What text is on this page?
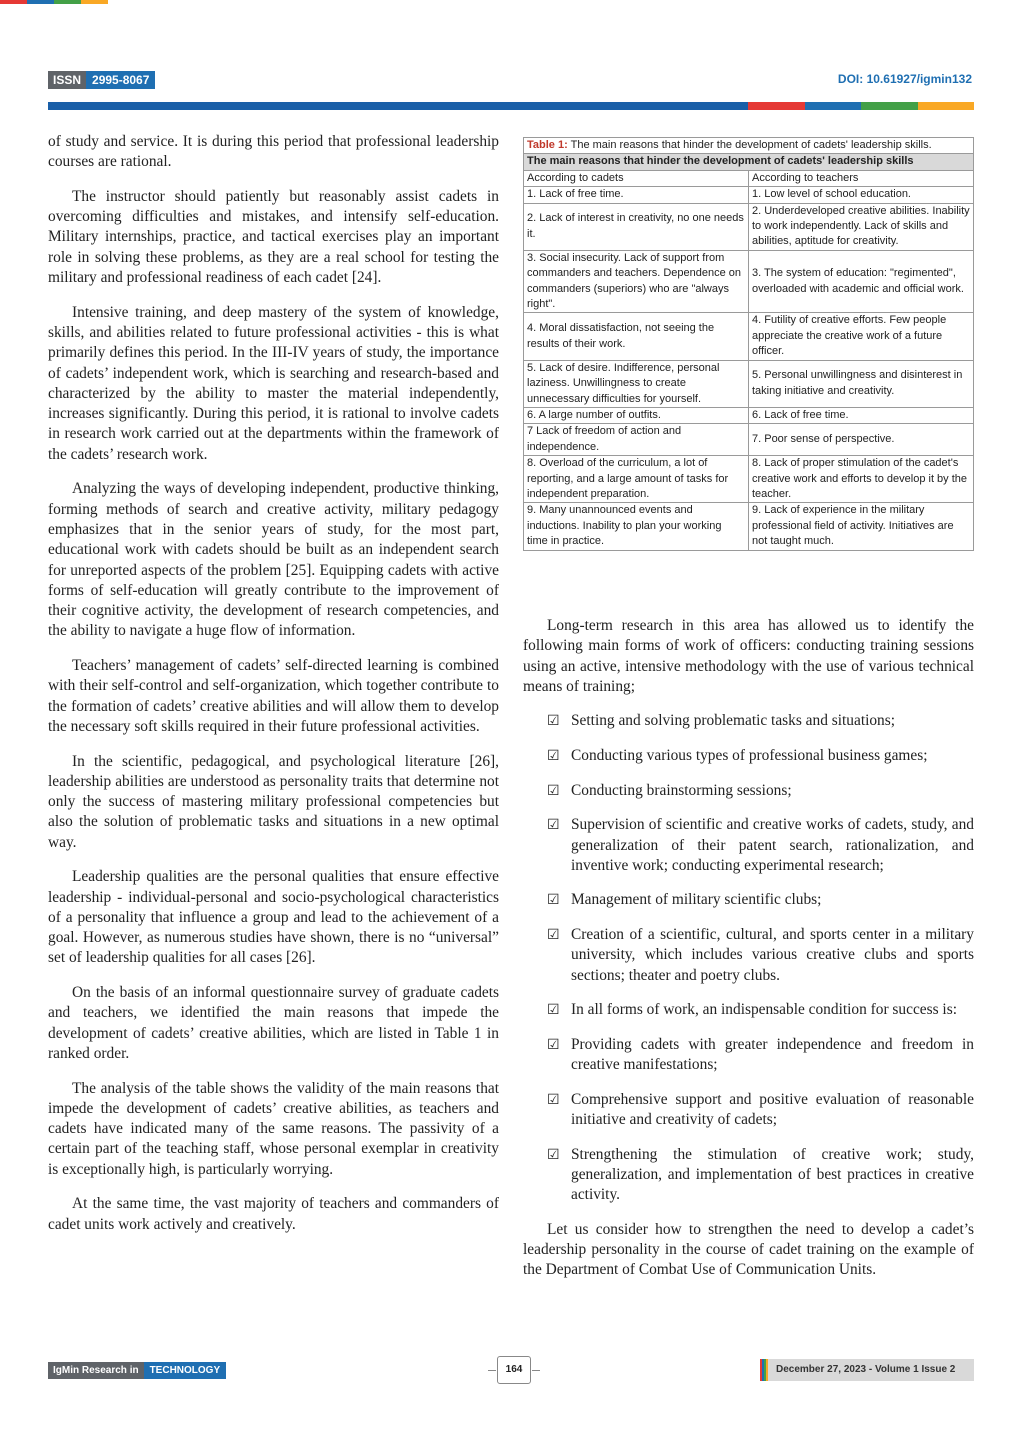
ISSN 2995-8067	DOI: 10.61927/igmin132

of study and service. It is during this period that professional leadership courses are rational.

The instructor should patiently but reasonably assist cadets in overcoming difficulties and mistakes, and intensify self-education. Military internships, practice, and tactical exercises play an important role in solving these problems, as they are a real school for testing the military and professional readiness of each cadet [24].

Intensive training, and deep mastery of the system of knowledge, skills, and abilities related to future professional activities - this is what primarily defines this period. In the III-IV years of study, the importance of cadets’ independent work, which is searching and research-based and characterized by the ability to master the material independently, increases significantly. During this period, it is rational to involve cadets in research work carried out at the departments within the framework of the cadets’ research work.

Analyzing the ways of developing independent, productive thinking, forming methods of search and creative activity, military pedagogy emphasizes that in the senior years of study, for the most part, educational work with cadets should be built as an independent search for unreported aspects of the problem [25]. Equipping cadets with active forms of self-education will greatly contribute to the improvement of their cognitive activity, the development of research competencies, and the ability to navigate a huge flow of information.

Teachers’ management of cadets’ self-directed learning is combined with their self-control and self-organization, which together contribute to the formation of cadets’ creative abilities and will allow them to develop the necessary soft skills required in their future professional activities.

In the scientific, pedagogical, and psychological literature [26], leadership abilities are understood as personality traits that determine not only the success of mastering military professional competencies but also the solution of problematic tasks and situations in a new optimal way.

Leadership qualities are the personal qualities that ensure effective leadership - individual-personal and socio-psychological characteristics of a personality that influence a group and lead to the achievement of a goal. However, as numerous studies have shown, there is no “universal” set of leadership qualities for all cases [26].

On the basis of an informal questionnaire survey of graduate cadets and teachers, we identified the main reasons that impede the development of cadets’ creative abilities, which are listed in Table 1 in ranked order.

The analysis of the table shows the validity of the main reasons that impede the development of cadets’ creative abilities, as teachers and cadets have indicated many of the same reasons. The passivity of a certain part of the teaching staff, whose personal exemplar in creativity is exceptionally high, is particularly worrying.

At the same time, the vast majority of teachers and commanders of cadet units work actively and creatively.

Table 1: The main reasons that hinder the development of cadets' leadership skills.	
The main reasons that hinder the development of cadets' leadership skills	
According to cadets	According to teachers
1. Lack of free time.	1. Low level of school education.
2. Lack of interest in creativity, no one needs it.	2. Underdeveloped creative abilities. Inability to work independently. Lack of skills and abilities, aptitude for creativity.
3. Social insecurity. Lack of support from commanders and teachers. Dependence on commanders (superiors) who are "always right".	3. The system of education: "regimented", overloaded with academic and official work.
4. Moral dissatisfaction, not seeing the results of their work.	4. Futility of creative efforts. Few people appreciate the creative work of a future officer.
5. Lack of desire. Indifference, personal laziness. Unwillingness to create unnecessary difficulties for yourself.	5. Personal unwillingness and disinterest in taking initiative and creativity.
6. A large number of outfits.	6. Lack of free time.
7 Lack of freedom of action and independence.	7. Poor sense of perspective.
8. Overload of the curriculum, a lot of reporting, and a large amount of tasks for independent preparation.	8. Lack of proper stimulation of the cadet's creative work and efforts to develop it by the teacher.
9. Many unannounced events and inductions. Inability to plan your working time in practice.	9. Lack of experience in the military professional field of activity. Initiatives are not taught much.

Long-term research in this area has allowed us to identify the following main forms of work of officers: conducting training sessions using an active, intensive methodology with the use of various technical means of training;

☑ Setting and solving problematic tasks and situations;
☑ Conducting various types of professional business games;
☑ Conducting brainstorming sessions;
☑ Supervision of scientific and creative works of cadets, study, and generalization of their patent search, rationalization, and inventive work; conducting experimental research;
☑ Management of military scientific clubs;
☑ Creation of a scientific, cultural, and sports center in a military university, which includes various creative clubs and sports sections; theater and poetry clubs.
☑ In all forms of work, an indispensable condition for success is:
☑ Providing cadets with greater independence and freedom in creative manifestations;
☑ Comprehensive support and positive evaluation of reasonable initiative and creativity of cadets;
☑ Strengthening the stimulation of creative work; study, generalization, and implementation of best practices in creative activity.

Let us consider how to strengthen the need to develop a cadet’s leadership personality in the course of cadet training on the example of the Department of Combat Use of Communication Units.

IgMin Research in	TECHNOLOGY	164	December 27, 2023 - Volume 1 Issue 2
